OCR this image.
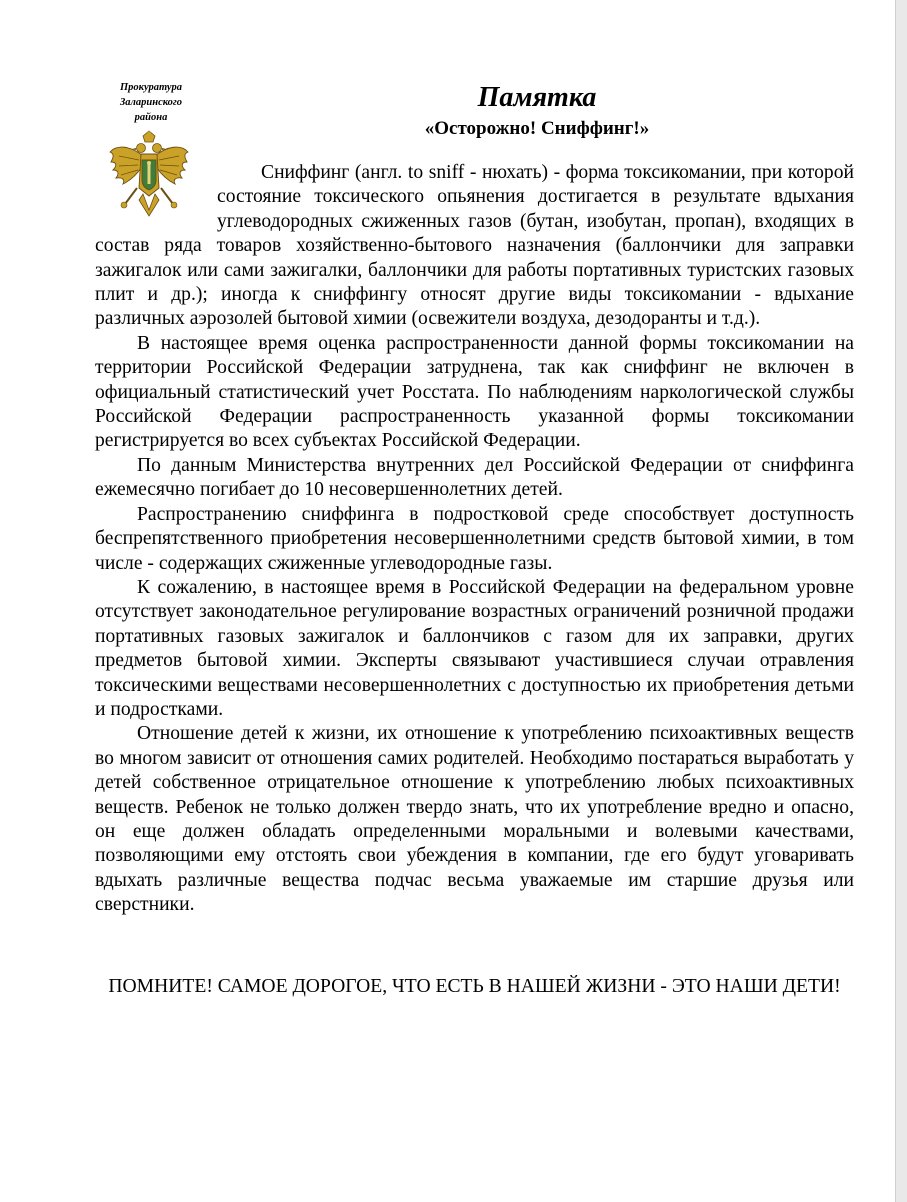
Прокуратура Заларинского района
Памятка
«Осторожно! Сниффинг!»

Сниффинг (англ. to sniff - нюхать) - форма токсикомании, при которой состояние токсического опьянения достигается в результате вдыхания углеводородных сжиженных газов (бутан, изобутан, пропан), входящих в состав ряда товаров хозяйственно-бытового назначения (баллончики для заправки зажигалок или сами зажигалки, баллончики для работы портативных туристских газовых плит и др.); иногда к сниффингу относят другие виды токсикомании - вдыхание различных аэрозолей бытовой химии (освежители воздуха, дезодоранты и т.д.).

В настоящее время оценка распространенности данной формы токсикомании на территории Российской Федерации затруднена, так как сниффинг не включен в официальный статистический учет Росстата. По наблюдениям наркологической службы Российской Федерации распространенность указанной формы токсикомании регистрируется во всех субъектах Российской Федерации.

По данным Министерства внутренних дел Российской Федерации от сниффинга ежемесячно погибает до 10 несовершеннолетних детей.

Распространению сниффинга в подростковой среде способствует доступность беспрепятственного приобретения несовершеннолетними средств бытовой химии, в том числе - содержащих сжиженные углеводородные газы.

К сожалению, в настоящее время в Российской Федерации на федеральном уровне отсутствует законодательное регулирование возрастных ограничений розничной продажи портативных газовых зажигалок и баллончиков с газом для их заправки, других предметов бытовой химии. Эксперты связывают участившиеся случаи отравления токсическими веществами несовершеннолетних с доступностью их приобретения детьми и подростками.

Отношение детей к жизни, их отношение к употреблению психоактивных веществ во многом зависит от отношения самих родителей. Необходимо постараться выработать у детей собственное отрицательное отношение к употреблению любых психоактивных веществ. Ребенок не только должен твердо знать, что их употребление вредно и опасно, он еще должен обладать определенными моральными и волевыми качествами, позволяющими ему отстоять свои убеждения в компании, где его будут уговаривать вдыхать различные вещества подчас весьма уважаемые им старшие друзья или сверстники.

ПОМНИТЕ! САМОЕ ДОРОГОЕ, ЧТО ЕСТЬ В НАШЕЙ ЖИЗНИ - ЭТО НАШИ ДЕТИ!
